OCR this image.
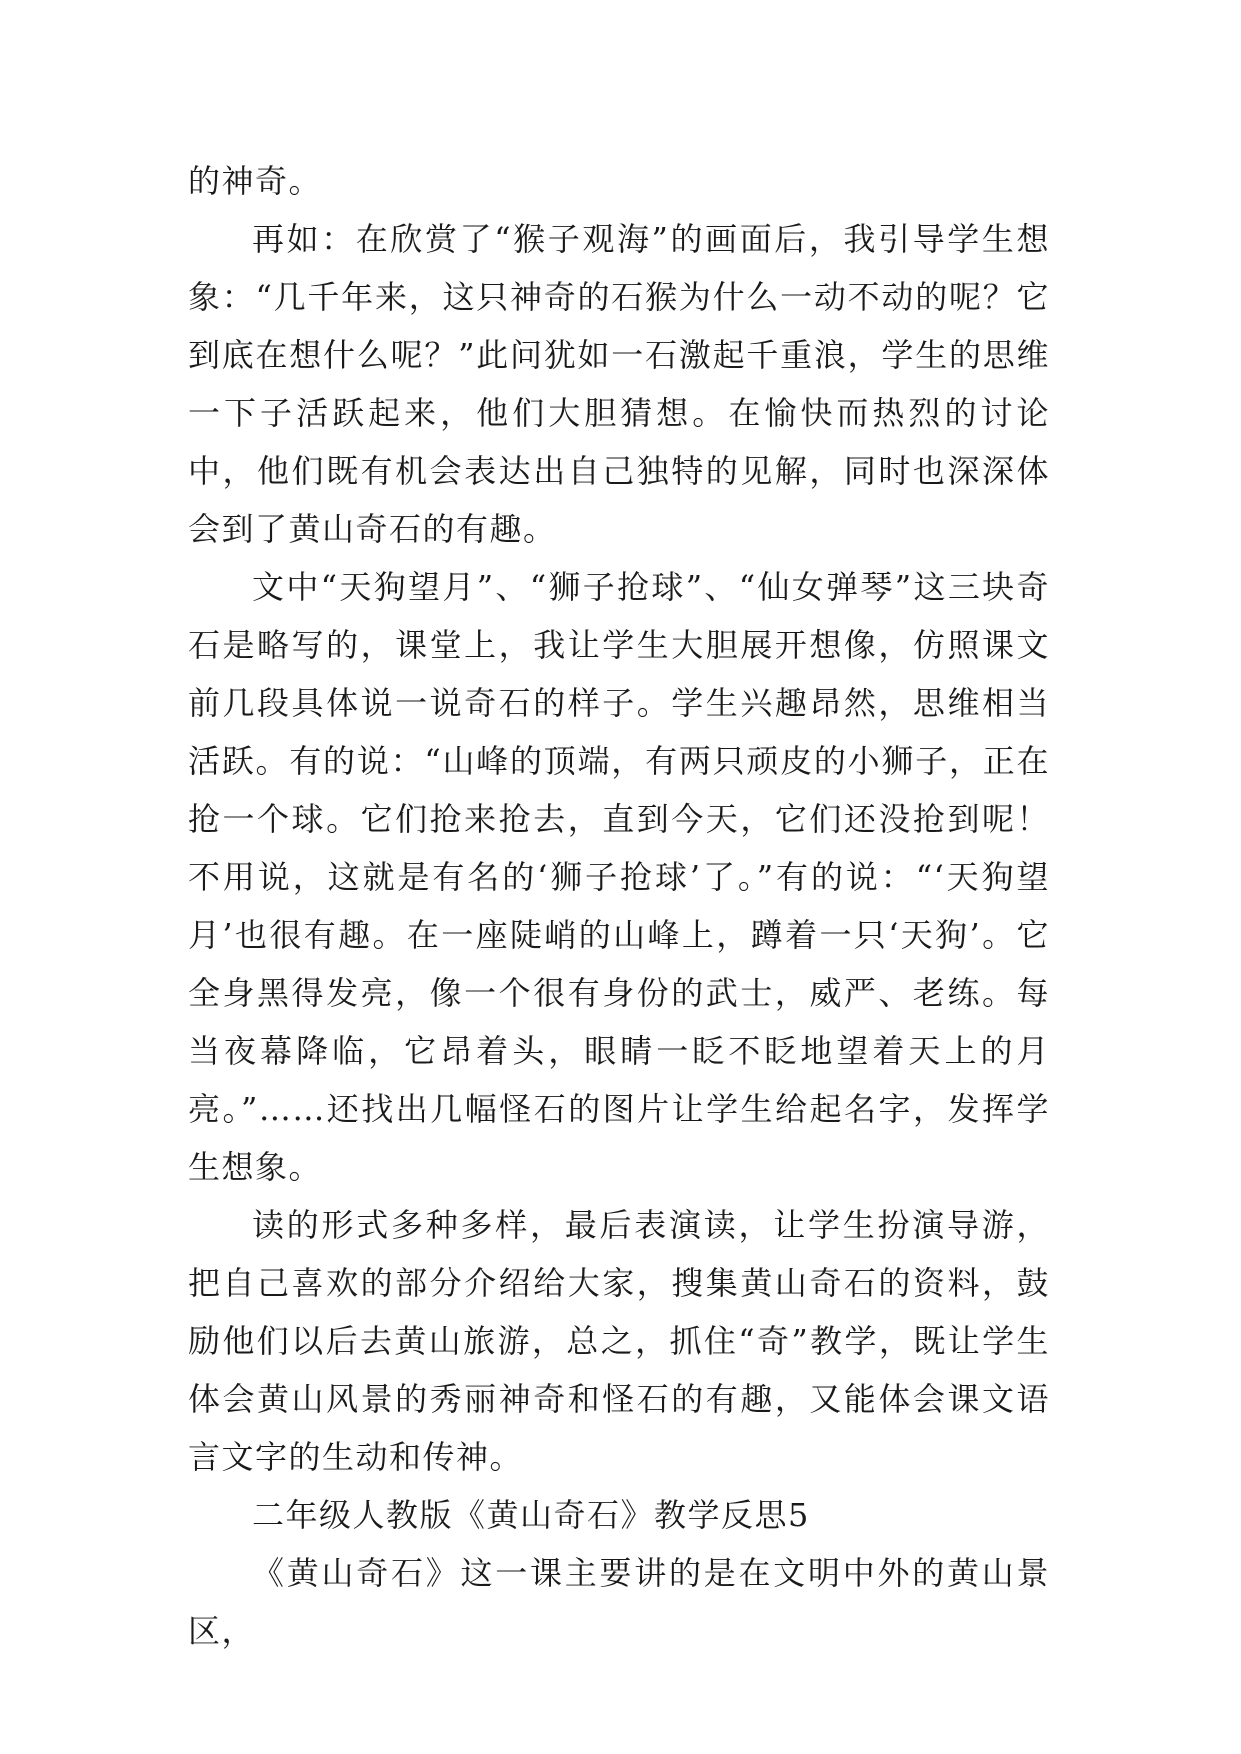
的神奇。

再如：在欣赏了“猴子观海”的画面后，我引导学生想象：“几千年来，这只神奇的石猴为什么一动不动的呢？它到底在想什么呢？”此问犹如一石激起千重浪，学生的思维一下子活跃起来，他们大胆猜想。在愉快而热烈的讨论中，他们既有机会表达出自己独特的见解，同时也深深体会到了黄山奇石的有趣。

文中“天狗望月”、“狮子抢球”、“仙女弹琴”这三块奇石是略写的，课堂上，我让学生大胆展开想像，仿照课文前几段具体说一说奇石的样子。学生兴趣昂然，思维相当活跃。有的说：“山峰的顶端，有两只顽皮的小狮子，正在抢一个球。它们抢来抢去，直到今天，它们还没抢到呢！不用说，这就是有名的‘狮子抢球’了。”有的说：“‘天狗望月’也很有趣。在一座陡峭的山峰上，蹲着一只‘天狗’。它全身黑得发亮，像一个很有身份的武士，威严、老练。每当夜幕降临，它昂着头，眼睛一眨不眨地望着天上的月亮。”……还找出几幅怪石的图片让学生给起名字，发挥学生想象。

读的形式多种多样，最后表演读，让学生扮演导游，把自己喜欢的部分介绍给大家，搜集黄山奇石的资料，鼓励他们以后去黄山旅游，总之，抓住“奇”教学，既让学生体会黄山风景的秀丽神奇和怪石的有趣，又能体会课文语言文字的生动和传神。

二年级人教版《黄山奇石》教学反思5

《黄山奇石》这一课主要讲的是在文明中外的黄山景区，
